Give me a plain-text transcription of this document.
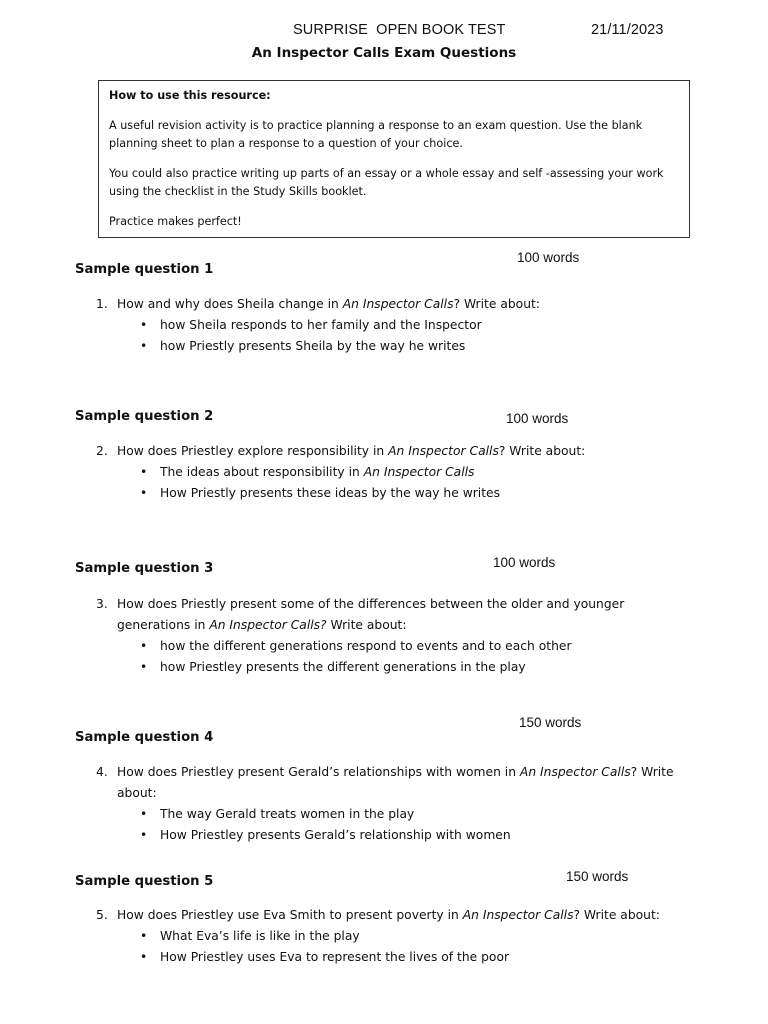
SURPRISE  OPEN BOOK TEST	21/11/2023
An Inspector Calls Exam Questions

How to use this resource:

A useful revision activity is to practice planning a response to an exam question. Use the blank planning sheet to plan a response to a question of your choice.

You could also practice writing up parts of an essay or a whole essay and self -assessing your work using the checklist in the Study Skills booklet.

Practice makes perfect!

100 words
Sample question 1
1. How and why does Sheila change in An Inspector Calls? Write about:
• how Sheila responds to her family and the Inspector
• how Priestly presents Sheila by the way he writes
100 words
Sample question 2
2. How does Priestley explore responsibility in An Inspector Calls? Write about:
• The ideas about responsibility in An Inspector Calls
• How Priestly presents these ideas by the way he writes
100 words
Sample question 3
3. How does Priestly present some of the differences between the older and younger generations in An Inspector Calls? Write about:
• how the different generations respond to events and to each other
• how Priestley presents the different generations in the play
150 words
Sample question 4
4. How does Priestley present Gerald’s relationships with women in An Inspector Calls? Write about:
• The way Gerald treats women in the play
• How Priestley presents Gerald’s relationship with women
150 words
Sample question 5
5. How does Priestley use Eva Smith to present poverty in An Inspector Calls? Write about:
• What Eva’s life is like in the play
• How Priestley uses Eva to represent the lives of the poor
